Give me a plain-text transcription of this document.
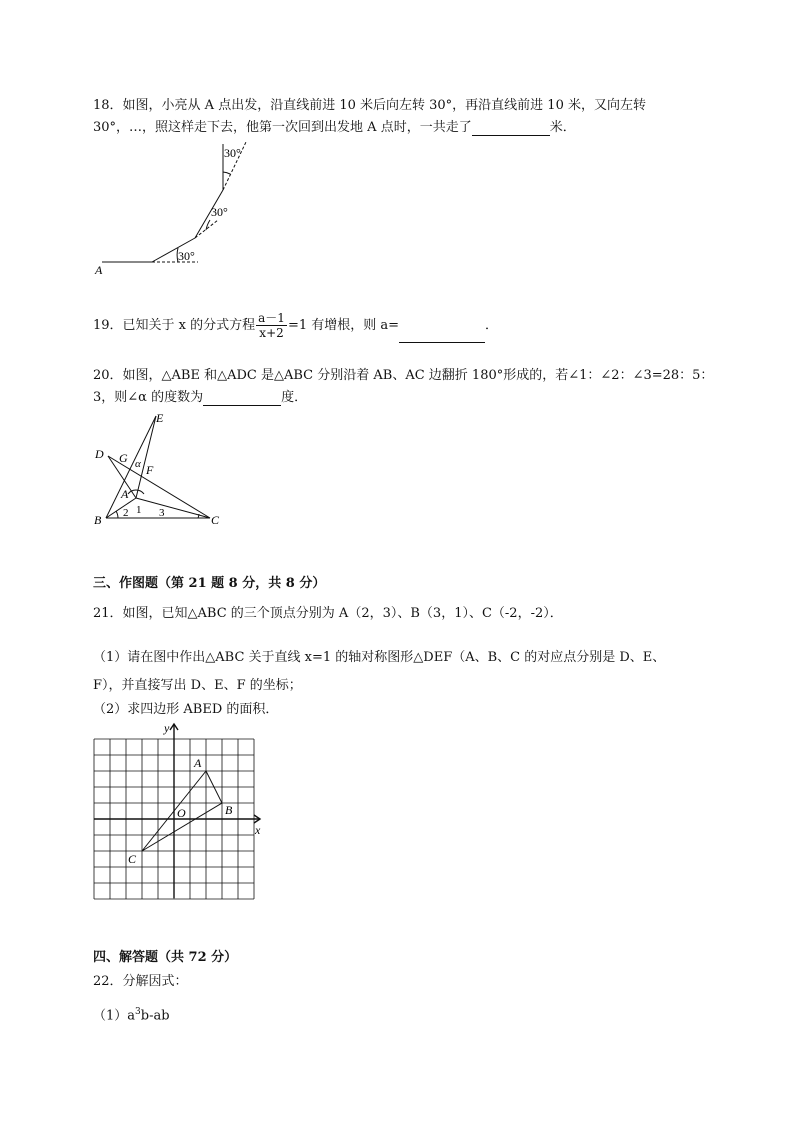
18．如图，小亮从 A 点出发，沿直线前进 10 米后向左转 30°，再沿直线前进 10 米，又向左转
30°，…，照这样走下去，他第一次回到出发地 A 点时，一共走了	米．
30°
30°
30°
A
19．已知关于 x 的分式方程 $\frac{a-1}{x+2} =1$ 有增根，则 a=	．
20．如图，△ABE 和△ADC 是△ABC 分别沿着 AB、AC 边翻折 180°形成的，若∠1：∠2：∠3=28：5：
3，则∠α 的度数为	度．
E
D G α F
A
1
2	3
B	C
三、作图题（第 21 题 8 分，共 8 分）
21．如图，已知△ABC 的三个顶点分别为 A（2，3）、B（3，1）、C（-2，-2）．
（1）请在图中作出△ABC 关于直线 x=1 的轴对称图形△DEF（A、B、C 的对应点分别是 D、E、
F），并直接写出 D、E、F 的坐标；
（2）求四边形 ABED 的面积．
y
x
O
A
B
C
四、解答题（共 72 分）
22．分解因式：
$(1)a^3b-ab$
